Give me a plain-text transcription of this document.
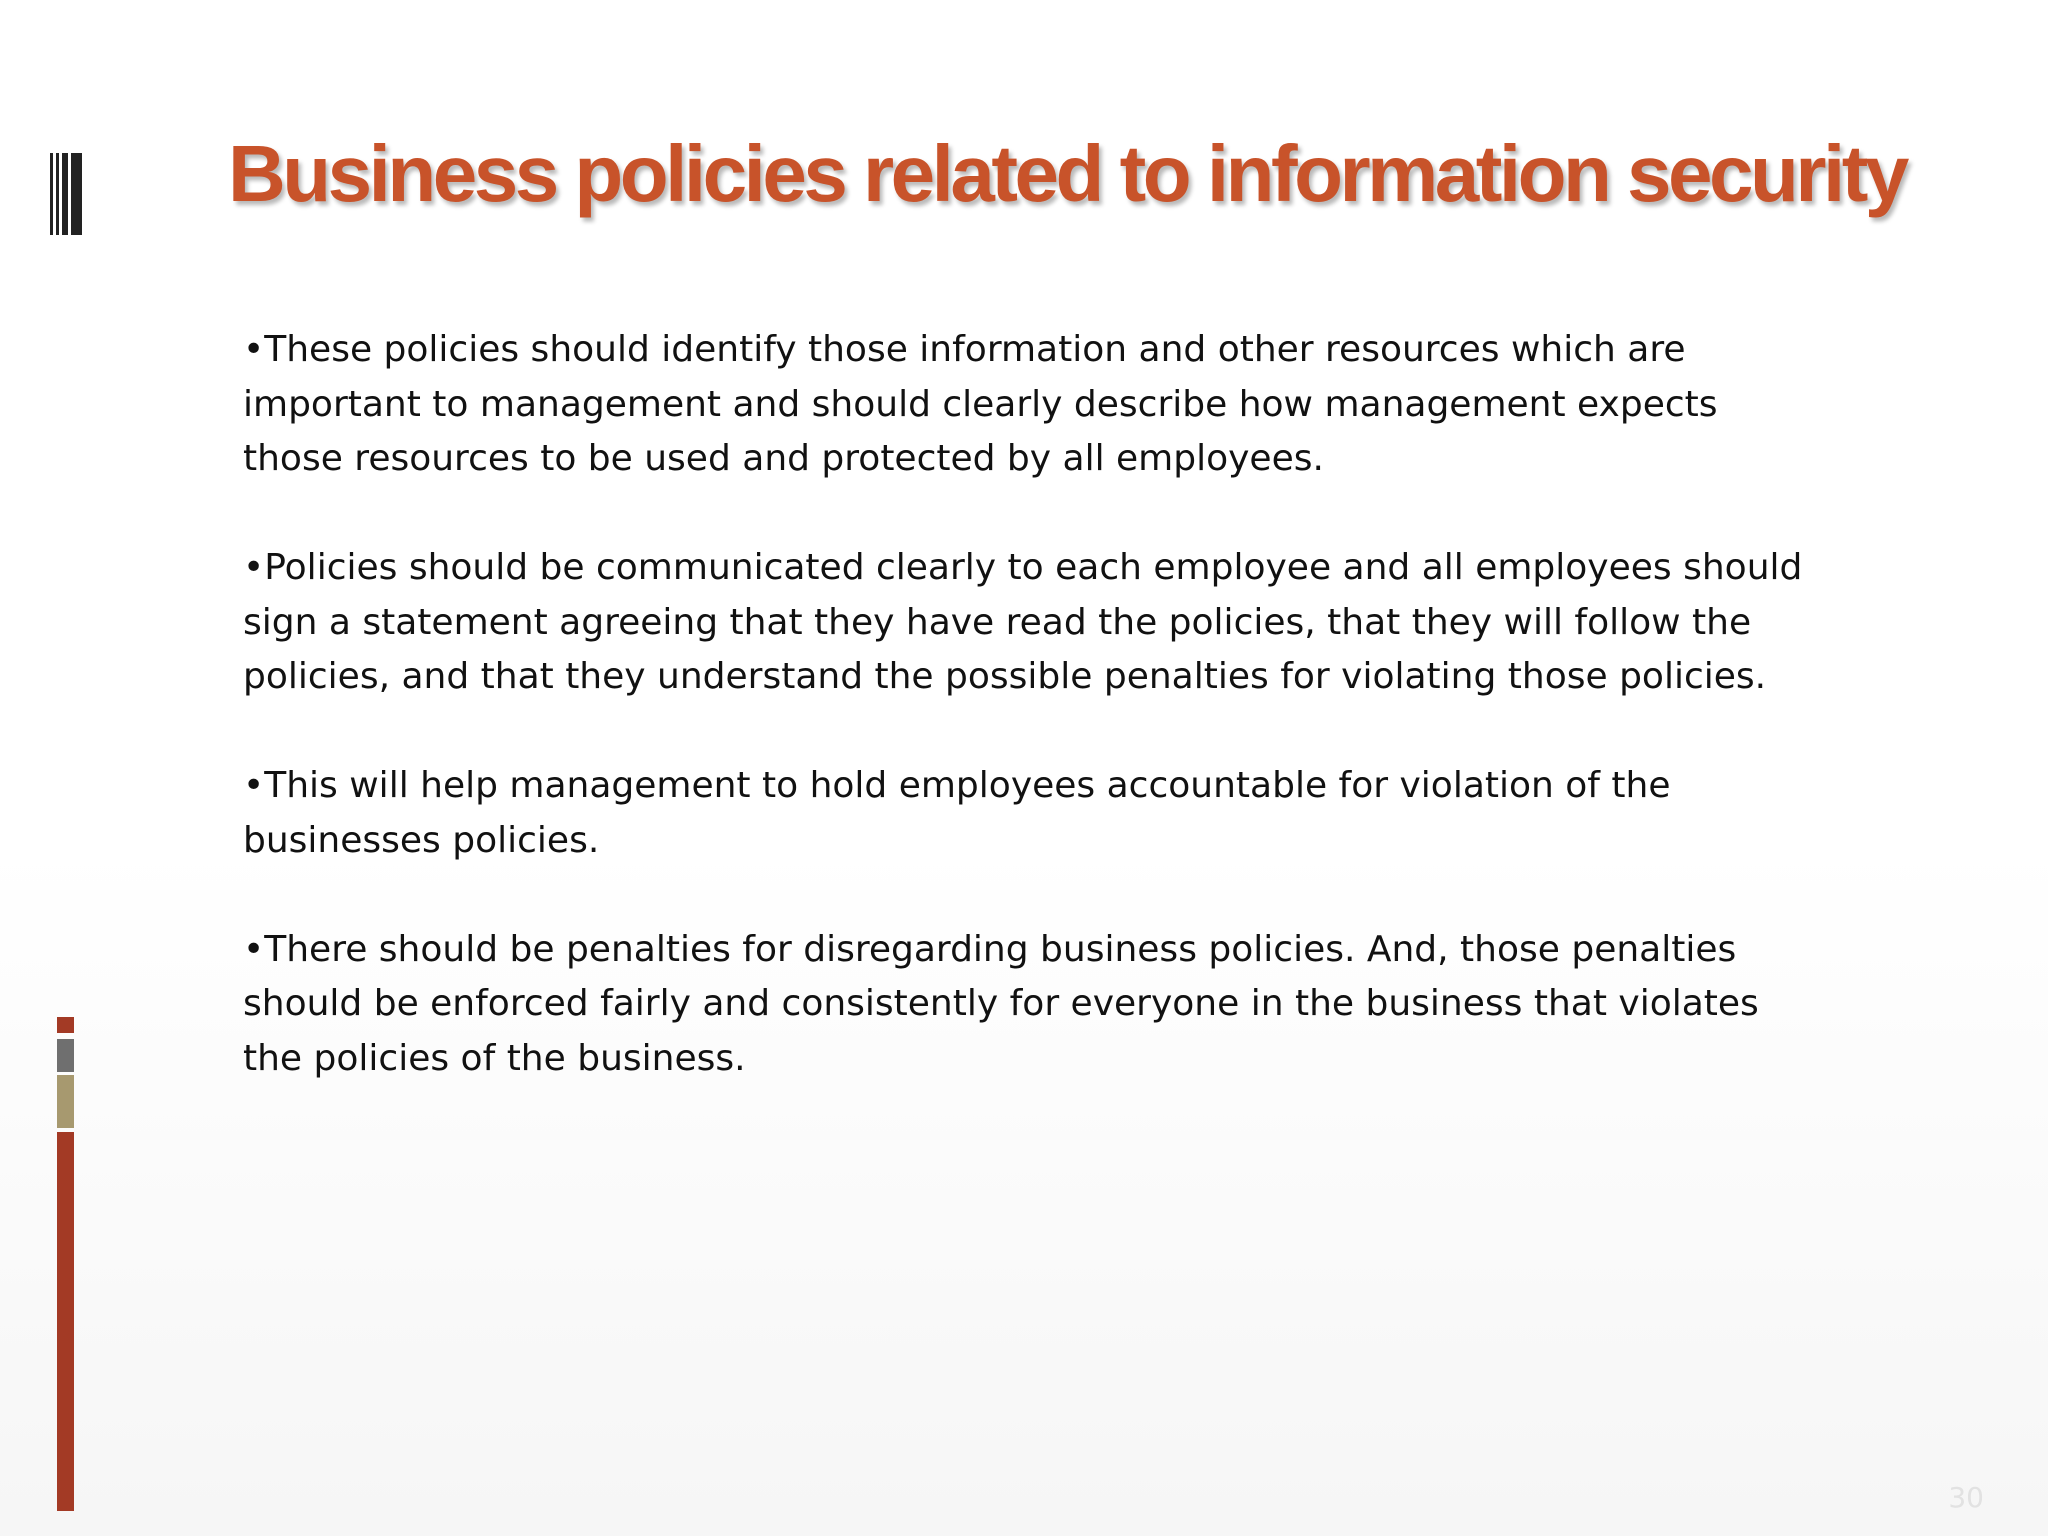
Business policies related to information security

•These policies should identify those information and other resources which are important to management and should clearly describe how management expects those resources to be used and protected by all employees.

•Policies should be communicated clearly to each employee and all employees should sign a statement agreeing that they have read the policies, that they will follow the policies, and that they understand the possible penalties for violating those policies.

•This will help management to hold employees accountable for violation of the businesses policies.

•There should be penalties for disregarding business policies. And, those penalties should be enforced fairly and consistently for everyone in the business that violates the policies of the business.

30
